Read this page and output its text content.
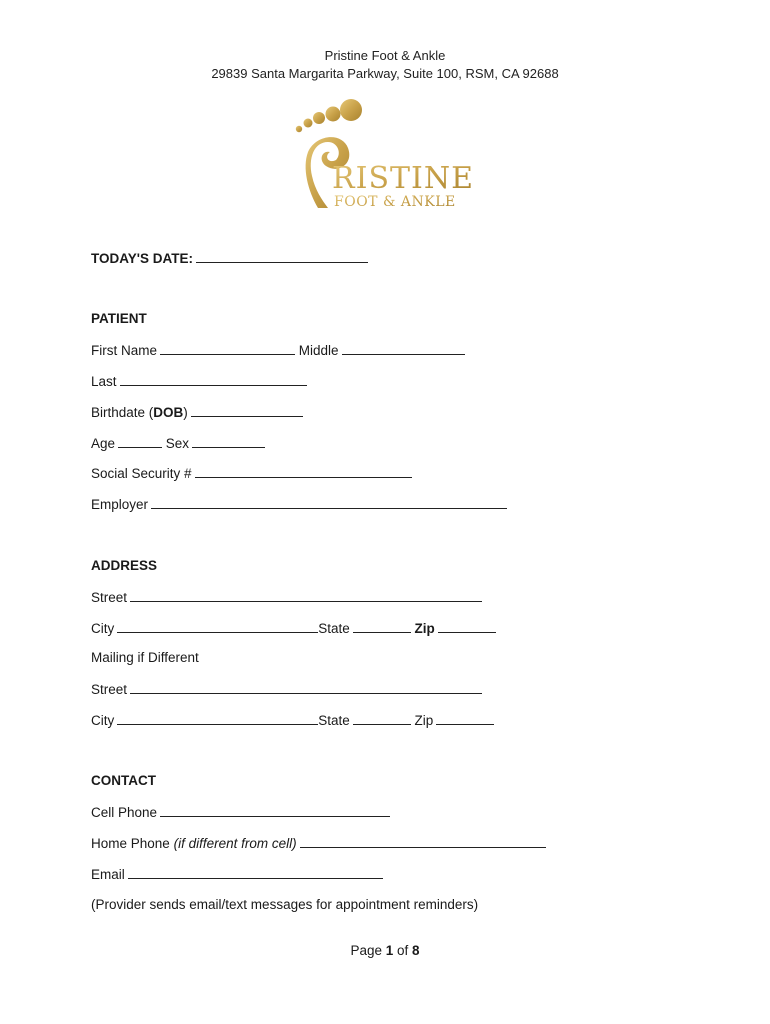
Pristine Foot & Ankle
29839 Santa Margarita Parkway, Suite 100, RSM, CA 92688
RISTINE
FOOT & ANKLE
TODAY'S DATE:
PATIENT
First Name	Middle
Last
Birthdate (DOB)
Age	Sex
Social Security #
Employer
ADDRESS
Street
City	State	Zip
Mailing if Different
Street
City	State	Zip
CONTACT
Cell Phone
Home Phone (if different from cell)
Email
(Provider sends email/text messages for appointment reminders)
Page 1 of 8
